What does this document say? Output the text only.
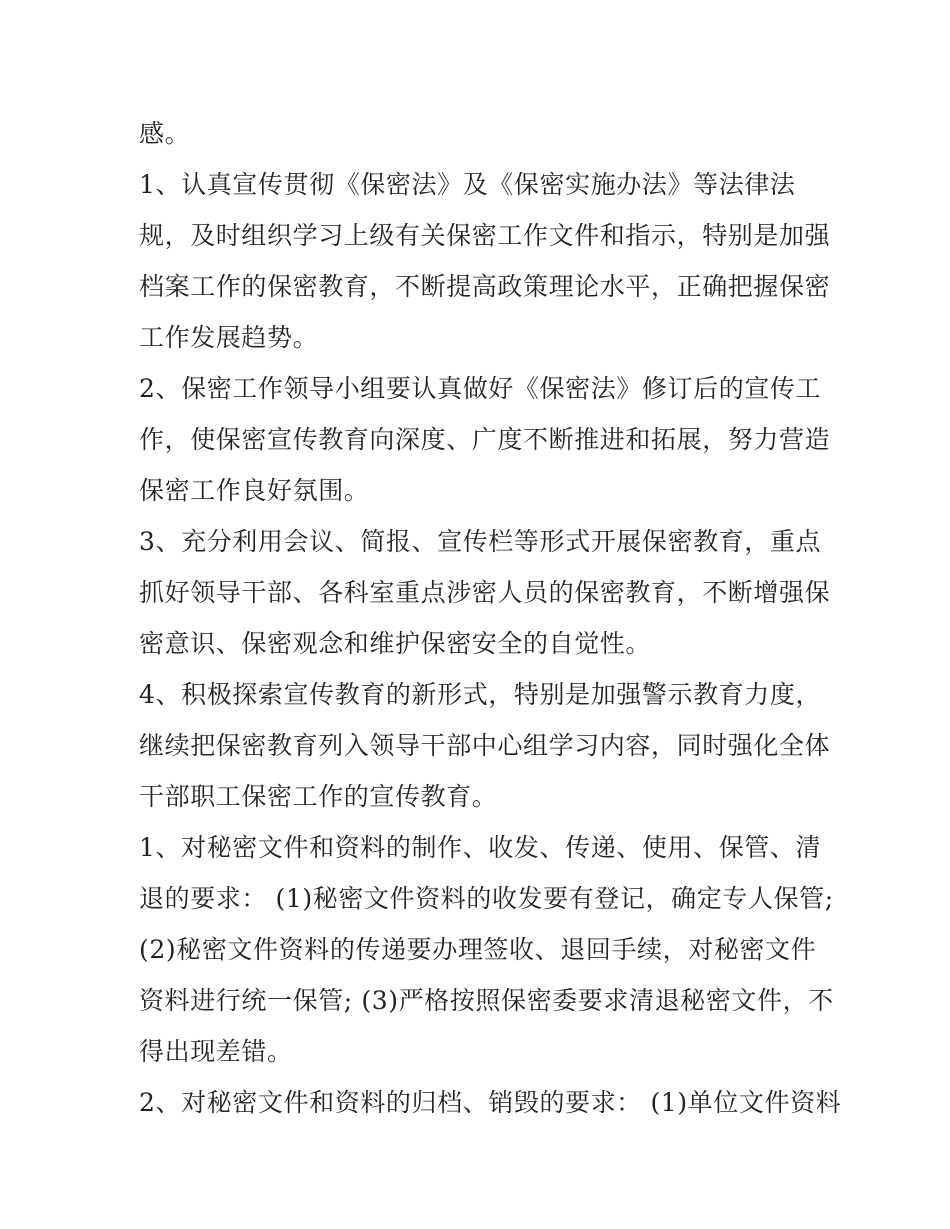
感。
1、认真宣传贯彻《保密法》及《保密实施办法》等法律法
规，及时组织学习上级有关保密工作文件和指示，特别是加强
档案工作的保密教育，不断提高政策理论水平，正确把握保密
工作发展趋势。
2、保密工作领导小组要认真做好《保密法》修订后的宣传工
作，使保密宣传教育向深度、广度不断推进和拓展，努力营造
保密工作良好氛围。
3、充分利用会议、简报、宣传栏等形式开展保密教育，重点
抓好领导干部、各科室重点涉密人员的保密教育，不断增强保
密意识、保密观念和维护保密安全的自觉性。
4、积极探索宣传教育的新形式，特别是加强警示教育力度，
继续把保密教育列入领导干部中心组学习内容，同时强化全体
干部职工保密工作的宣传教育。
1、对秘密文件和资料的制作、收发、传递、使用、保管、清
退的要求： (1)秘密文件资料的收发要有登记，确定专人保管;
(2)秘密文件资料的传递要办理签收、退回手续，对秘密文件
资料进行统一保管; (3)严格按照保密委要求清退秘密文件，不
得出现差错。
2、对秘密文件和资料的归档、销毁的要求： (1)单位文件资料
